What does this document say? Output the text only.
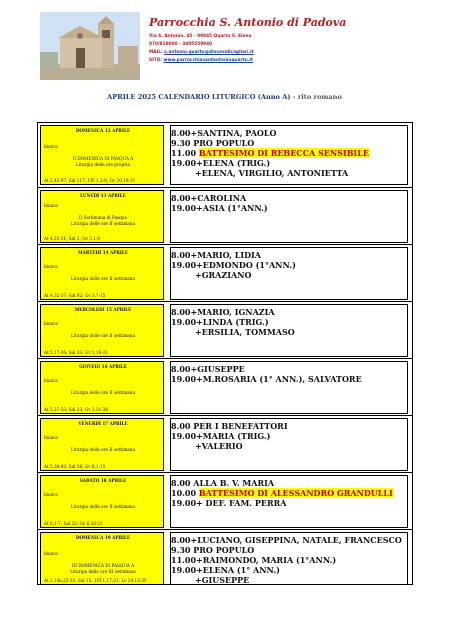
Parrocchia S. Antonio di Padova
Via S. Antonio, 45 - 09045 Quartu S. Elena
070/810000 - 3405559940
MAIL: s.antonio.quartu@diocesidicagliari.it
SITO: www.parrocchiasantantonioquartu.it
APRILE 2025 CALENDARIO LITURGICO (Anno A) - rito romano
DOMENICA 12 APRILE
bianco
II DOMENICA DI PASQUA A
Liturgia delle ore propria
At 2,42-47; Sal 117; 1Pt 1,3-9; Gv 20,19-31
8.00+SANTINA, PAOLO
9.30 PRO POPULO
11.00 BATTESIMO DI REBECCA SENSIBILE
19.00+ELENA (TRIG.)
+ELENA, VIRGILIO, ANTONIETTA
LUNEDÌ 13 APRILE
bianco
II Settimana di Pasqua
Liturgia delle ore II settimana
At 4,23-31; Sal 2; Gv 3,1-8
8.00+CAROLINA
19.00+ASIA (1°ANN.)
MARTEDÌ 14 APRILE
bianco
Liturgia delle ore II settimana
At 4,32-37; Sal 92; Gv 3,7-15
8.00+MARIO, LIDIA
19.00+EDMONDO (1°ANN.)
+GRAZIANO
MERCOLEDÌ 15 APRILE
bianco
Liturgia delle ore II settimana
At 5,17-26; Sal 33; Gv 3,16-21
8.00+MARIO, IGNAZIA
19.00+LINDA (TRIG.)
+ERSILIA, TOMMASO
GIOVEDÌ 16 APRILE
bianco
Liturgia delle ore II settimana
At 5,27-33; Sal 33; Gv 3,31-36
8.00+GIUSEPPE
19.00+M.ROSARIA (1° ANN.), SALVATORE
VENERDÌ 17 APRILE
bianco
Liturgia delle ore II settimana
At 5,34-42; Sal 26; Gv 6,1-15
8.00 PER I BENEFATTORI
19.00+MARIA (TRIG.)
+VALERIO
SABATO 18 APRILE
bianco
Liturgia delle ore II settimana
At 6,1-7; Sal 32; Gv 6,16-21
8.00 ALLA B. V. MARIA
10.00 BATTESIMO DI ALESSANDRO GRANDULLI
19.00+ DEF. FAM. PERRA
DOMENICA 19 APRILE
bianco
III DOMENICA DI PASQUA A
Liturgia delle ore III settimana
At 2,14a.22-33; Sal 15; 1Pt 1,17-21; Lc 24,13-35
8.00+LUCIANO, GISEPPINA, NATALE, FRANCESCO
9.30 PRO POPULO
11.00+RAIMONDO, MARIA (1°ANN.)
19.00+ELENA (1° ANN.)
+GIUSEPPE
